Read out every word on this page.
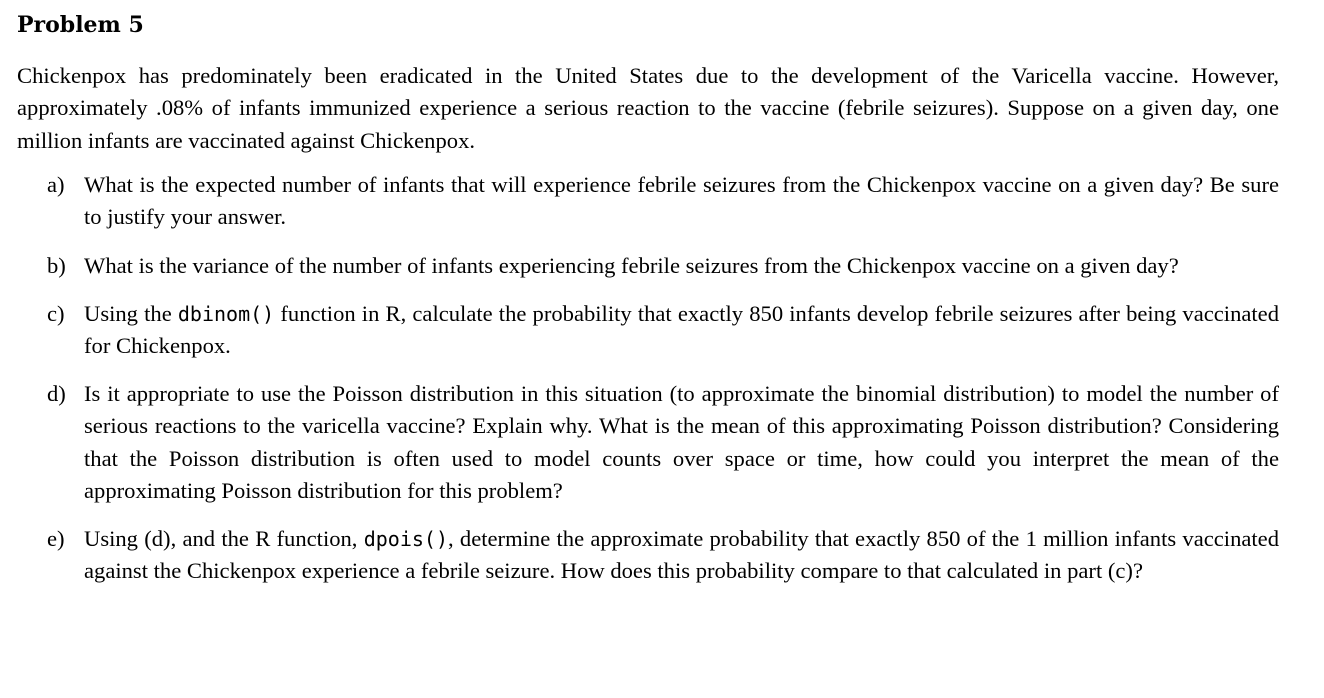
Problem 5

Chickenpox has predominately been eradicated in the United States due to the development of the Varicella vaccine. However, approximately .08% of infants immunized experience a serious reaction to the vaccine (febrile seizures). Suppose on a given day, one million infants are vaccinated against Chickenpox.

a) What is the expected number of infants that will experience febrile seizures from the Chickenpox vaccine on a given day? Be sure to justify your answer.
b) What is the variance of the number of infants experiencing febrile seizures from the Chickenpox vaccine on a given day?
c) Using the dbinom() function in R, calculate the probability that exactly 850 infants develop febrile seizures after being vaccinated for Chickenpox.
d) Is it appropriate to use the Poisson distribution in this situation (to approximate the binomial distribution) to model the number of serious reactions to the varicella vaccine? Explain why. What is the mean of this approximating Poisson distribution? Considering that the Poisson distribution is often used to model counts over space or time, how could you interpret the mean of the approximating Poisson distribution for this problem?
e) Using (d), and the R function, dpois(), determine the approximate probability that exactly 850 of the 1 million infants vaccinated against the Chickenpox experience a febrile seizure. How does this probability compare to that calculated in part (c)?
